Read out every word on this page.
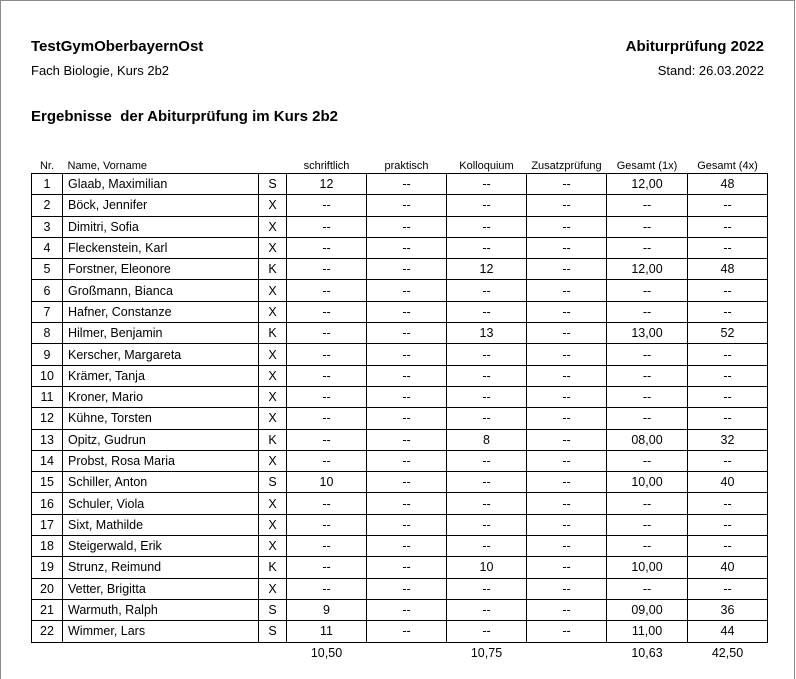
TestGymOberbayernOst	Abiturprüfung 2022
Fach Biologie, Kurs 2b2	Stand: 26.03.2022
Ergebnisse  der Abiturprüfung im Kurs 2b2
Nr.	Name, Vorname		schriftlich	praktisch	Kolloquium	Zusatzprüfung	Gesamt (1x)	Gesamt (4x)
1	Glaab, Maximilian	S	12	--	--	--	12,00	48
2	Böck, Jennifer	X	--	--	--	--	--	--
3	Dimitri, Sofia	X	--	--	--	--	--	--
4	Fleckenstein, Karl	X	--	--	--	--	--	--
5	Forstner, Eleonore	K	--	--	12	--	12,00	48
6	Großmann, Bianca	X	--	--	--	--	--	--
7	Hafner, Constanze	X	--	--	--	--	--	--
8	Hilmer, Benjamin	K	--	--	13	--	13,00	52
9	Kerscher, Margareta	X	--	--	--	--	--	--
10	Krämer, Tanja	X	--	--	--	--	--	--
11	Kroner, Mario	X	--	--	--	--	--	--
12	Kühne, Torsten	X	--	--	--	--	--	--
13	Opitz, Gudrun	K	--	--	8	--	08,00	32
14	Probst, Rosa Maria	X	--	--	--	--	--	--
15	Schiller, Anton	S	10	--	--	--	10,00	40
16	Schuler, Viola	X	--	--	--	--	--	--
17	Sixt, Mathilde	X	--	--	--	--	--	--
18	Steigerwald, Erik	X	--	--	--	--	--	--
19	Strunz, Reimund	K	--	--	10	--	10,00	40
20	Vetter, Brigitta	X	--	--	--	--	--	--
21	Warmuth, Ralph	S	9	--	--	--	09,00	36
22	Wimmer, Lars	S	11	--	--	--	11,00	44
			10,50		10,75		10,63	42,50
